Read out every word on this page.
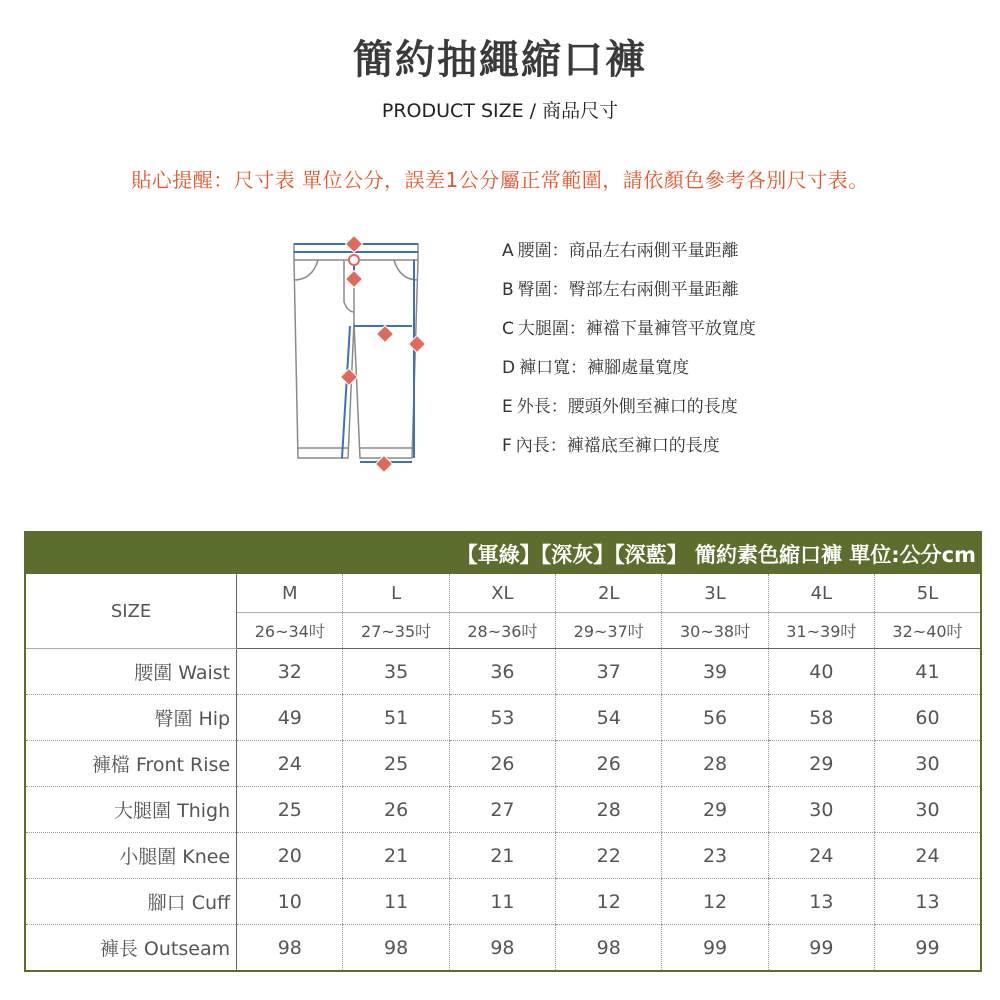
簡約抽繩縮口褲
PRODUCT SIZE / 商品尺寸
貼心提醒：尺寸表 單位公分，誤差1公分屬正常範圍，請依顏色參考各別尺寸表。
A 腰圍：商品左右兩側平量距離
B 臀圍：臀部左右兩側平量距離
C 大腿圍：褲襠下量褲管平放寬度
D 褲口寬：褲腳處量寬度
E 外長：腰頭外側至褲口的長度
F 內長：褲襠底至褲口的長度
【軍綠】【深灰】【深藍】 簡約素色縮口褲 單位:公分cm							
SIZE	M	L	XL	2L	3L	4L	5L
	26~34吋	27~35吋	28~36吋	29~37吋	30~38吋	31~39吋	32~40吋
腰圍 Waist	32	35	36	37	39	40	41
臀圍 Hip	49	51	53	54	56	58	60
褲檔 Front Rise	24	25	26	26	28	29	30
大腿圍 Thigh	25	26	27	28	29	30	30
小腿圍 Knee	20	21	21	22	23	24	24
腳口 Cuff	10	11	11	12	12	13	13
褲長 Outseam	98	98	98	98	99	99	99
